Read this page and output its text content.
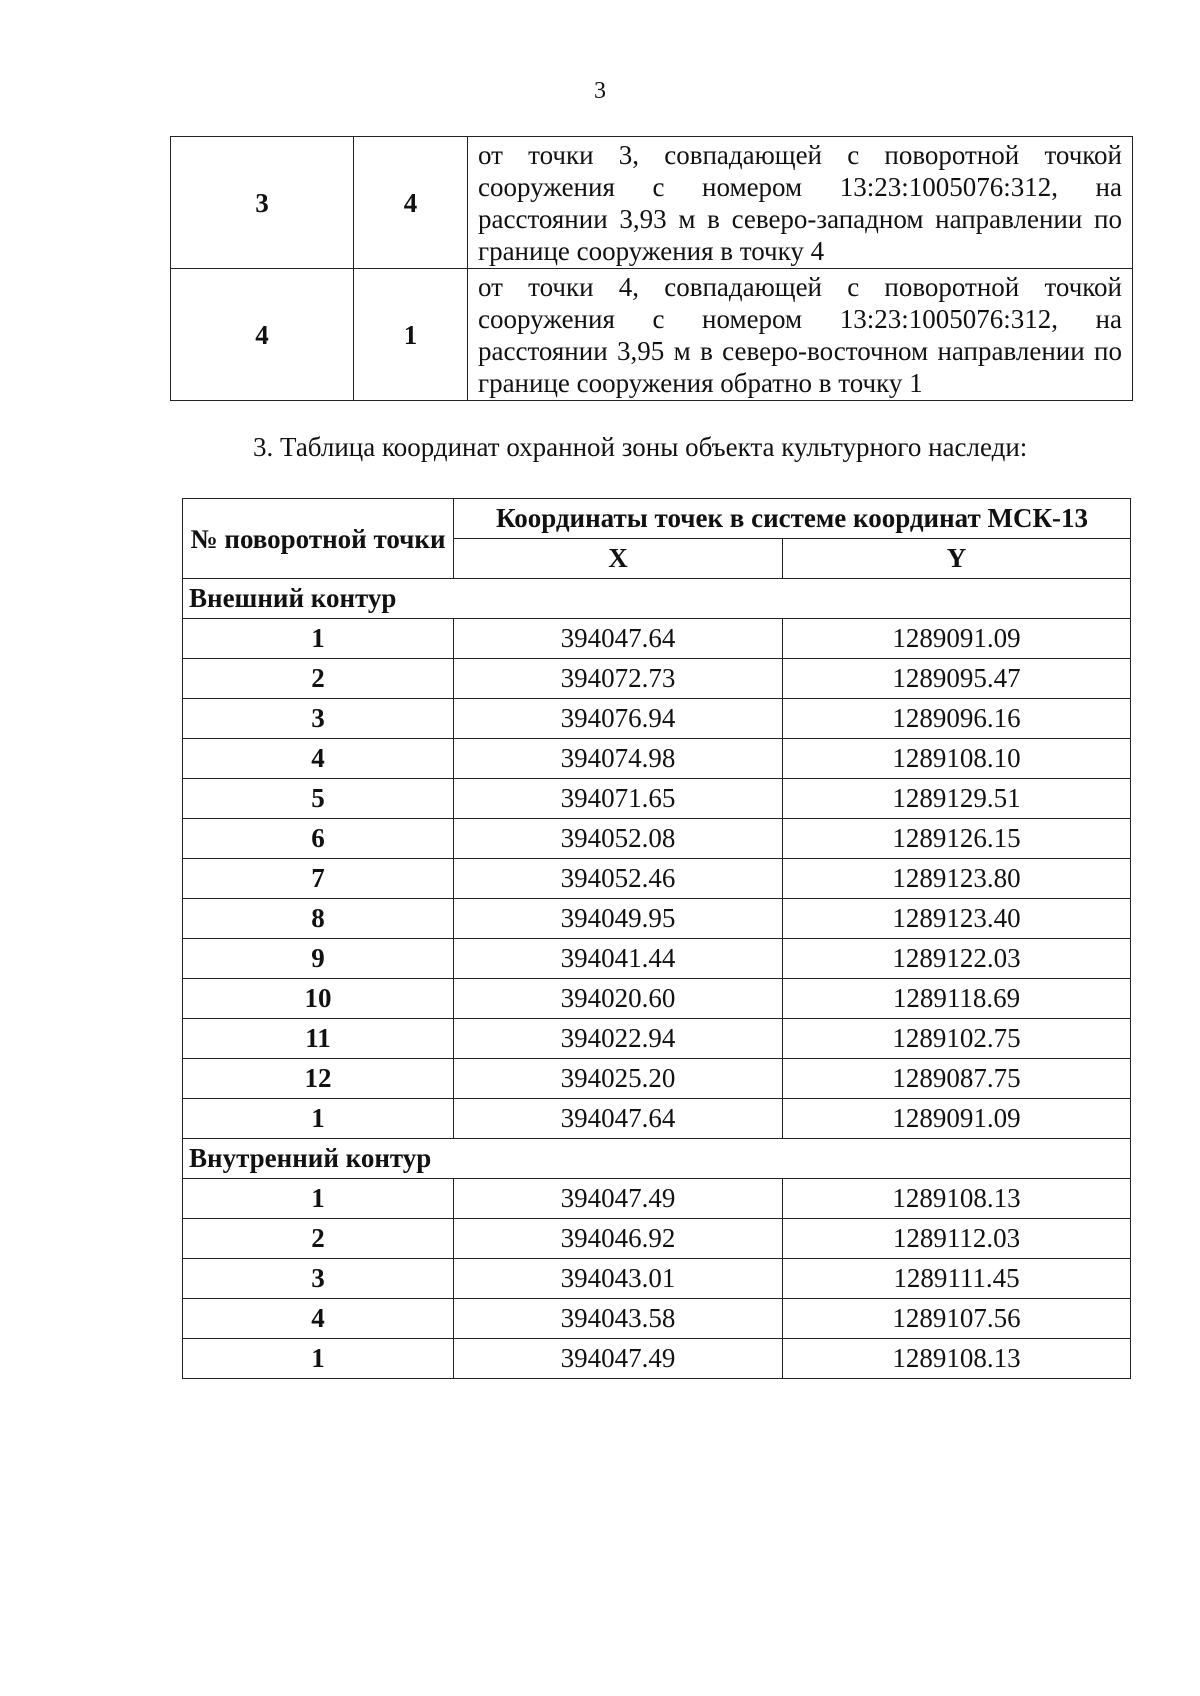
3
3	4	от точки 3, совпадающей с поворотной точкой сооружения с номером 13:23:1005076:312, на расстоянии 3,93 м в северо-западном направлении по границе сооружения в точку 4
4	1	от точки 4, совпадающей с поворотной точкой сооружения с номером 13:23:1005076:312, на расстоянии 3,95 м в северо-восточном направлении по границе сооружения обратно в точку 1
3. Таблица координат охранной зоны объекта культурного наследи:
№ поворотной точки	Координаты точек в системе координат МСК-13	
	X	Y
Внешний контур		
1	394047.64	1289091.09
2	394072.73	1289095.47
3	394076.94	1289096.16
4	394074.98	1289108.10
5	394071.65	1289129.51
6	394052.08	1289126.15
7	394052.46	1289123.80
8	394049.95	1289123.40
9	394041.44	1289122.03
10	394020.60	1289118.69
11	394022.94	1289102.75
12	394025.20	1289087.75
1	394047.64	1289091.09
Внутренний контур		
1	394047.49	1289108.13
2	394046.92	1289112.03
3	394043.01	1289111.45
4	394043.58	1289107.56
1	394047.49	1289108.13
